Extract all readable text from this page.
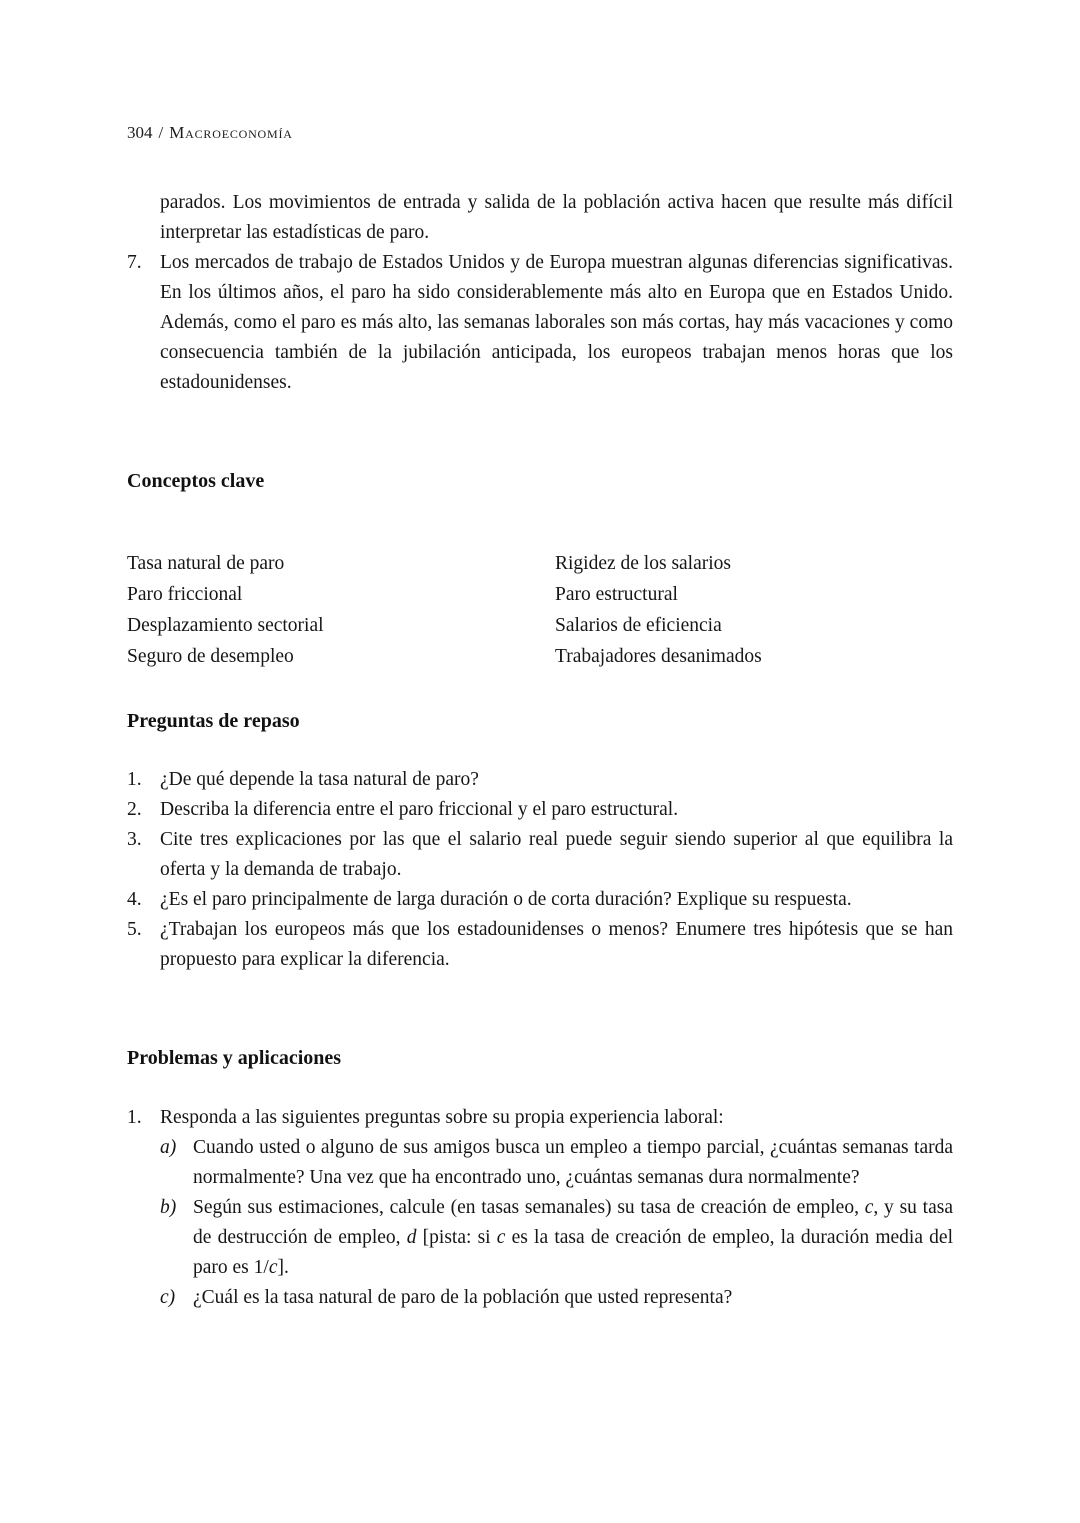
304 / Macroeconomía
parados. Los movimientos de entrada y salida de la población activa hacen que resulte más difícil interpretar las estadísticas de paro.
7. Los mercados de trabajo de Estados Unidos y de Europa muestran algunas diferencias significativas. En los últimos años, el paro ha sido considerablemente más alto en Europa que en Estados Unido. Además, como el paro es más alto, las semanas laborales son más cortas, hay más vacaciones y como consecuencia también de la jubilación anticipada, los europeos trabajan menos horas que los estadounidenses.
Conceptos clave
Tasa natural de paro
Paro friccional
Desplazamiento sectorial
Seguro de desempleo
Rigidez de los salarios
Paro estructural
Salarios de eficiencia
Trabajadores desanimados
Preguntas de repaso
1. ¿De qué depende la tasa natural de paro?
2. Describa la diferencia entre el paro friccional y el paro estructural.
3. Cite tres explicaciones por las que el salario real puede seguir siendo superior al que equilibra la oferta y la demanda de trabajo.
4. ¿Es el paro principalmente de larga duración o de corta duración? Explique su respuesta.
5. ¿Trabajan los europeos más que los estadounidenses o menos? Enumere tres hipótesis que se han propuesto para explicar la diferencia.
Problemas y aplicaciones
1. Responda a las siguientes preguntas sobre su propia experiencia laboral:
a) Cuando usted o alguno de sus amigos busca un empleo a tiempo parcial, ¿cuántas semanas tarda normalmente? Una vez que ha encontrado uno, ¿cuántas semanas dura normalmente?
b) Según sus estimaciones, calcule (en tasas semanales) su tasa de creación de empleo, c, y su tasa de destrucción de empleo, d [pista: si c es la tasa de creación de empleo, la duración media del paro es 1/c].
c) ¿Cuál es la tasa natural de paro de la población que usted representa?
